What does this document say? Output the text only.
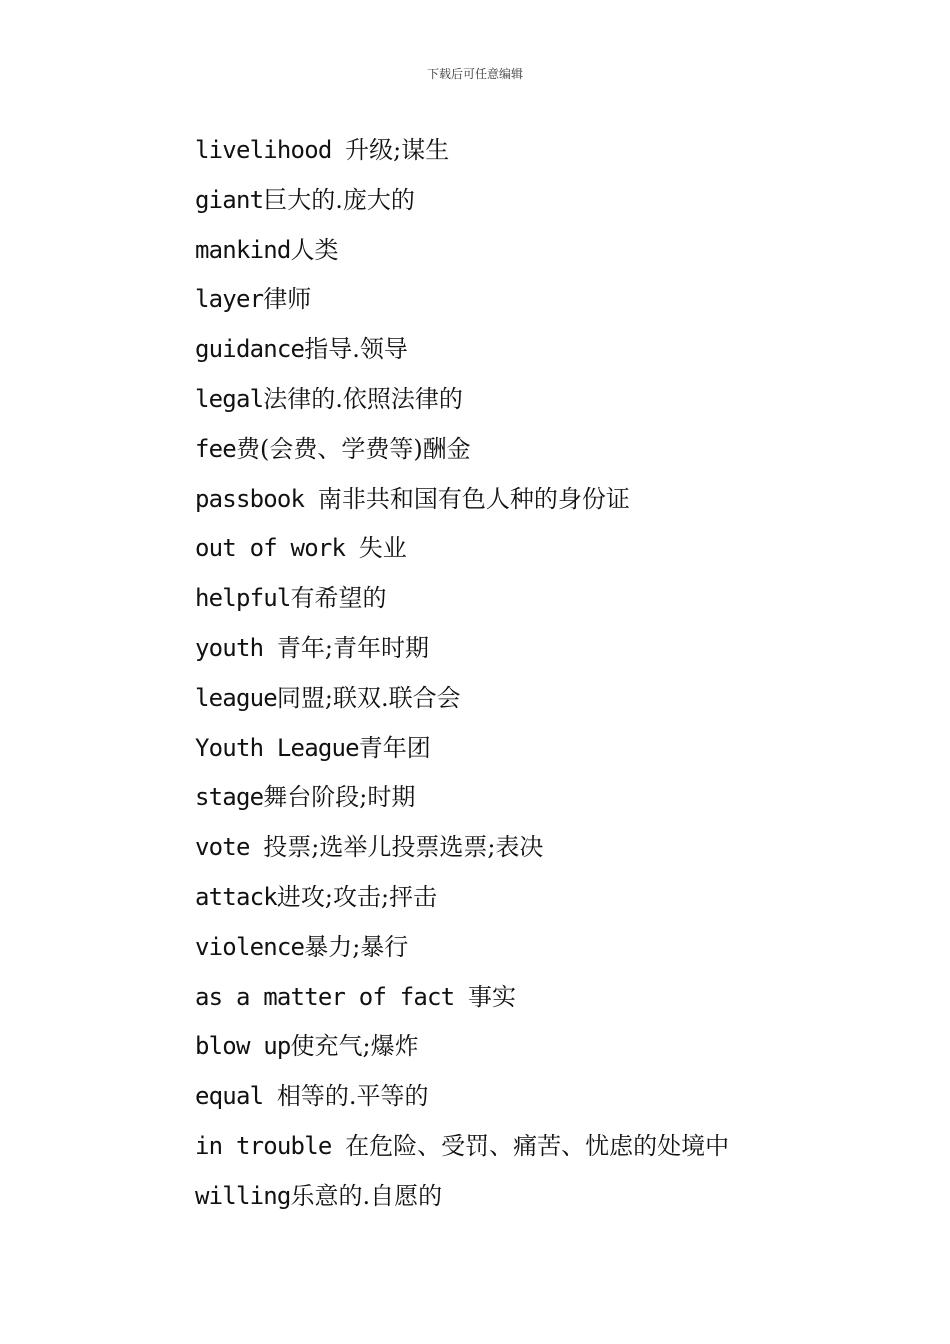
下载后可任意编辑
livelihood 升级;谋生
giant巨大的.庞大的
mankind人类
layer律师
guidance指导.领导
legal法律的.依照法律的
fee费(会费、学费等)酬金
passbook 南非共和国有色人种的身份证
out of work 失业
helpful有希望的
youth 青年;青年时期
league同盟;联双.联合会
Youth League青年团
stage舞台阶段;时期
vote 投票;选举儿投票选票;表决
attack进攻;攻击;抨击
violence暴力;暴行
as a matter of fact 事实
blow up使充气;爆炸
equal 相等的.平等的
in trouble 在危险、受罚、痛苦、忧虑的处境中
willing乐意的.自愿的
